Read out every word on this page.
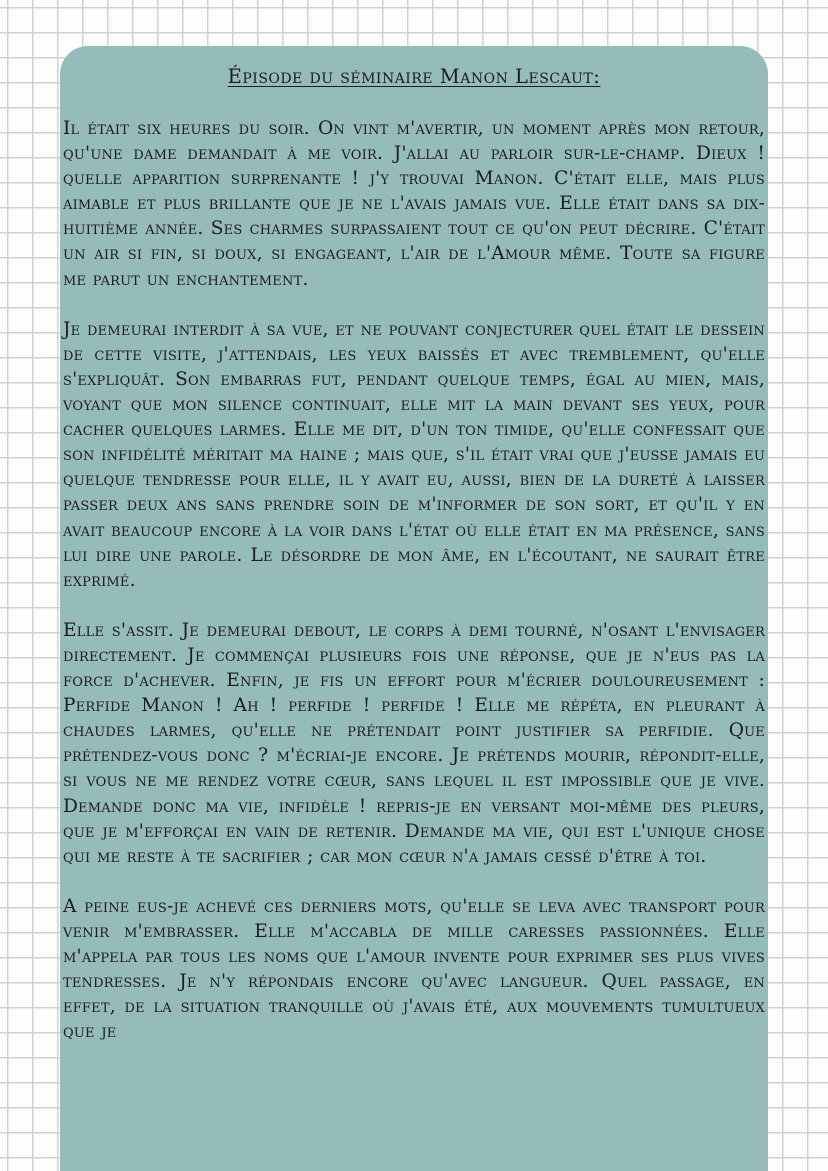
Épisode du séminaire Manon Lescaut:

Il était six heures du soir. On vint m'avertir, un moment après mon retour, qu'une dame demandait à me voir. J'allai au parloir sur-le-champ. Dieux ! quelle apparition surprenante ! j'y trouvai Manon. C'était elle, mais plus aimable et plus brillante que je ne l'avais jamais vue. Elle était dans sa dix-huitième année. Ses charmes surpassaient tout ce qu'on peut décrire. C'était un air si fin, si doux, si engageant, l'air de l'Amour même. Toute sa figure me parut un enchantement.

Je demeurai interdit à sa vue, et ne pouvant conjecturer quel était le dessein de cette visite, j'attendais, les yeux baissés et avec tremblement, qu'elle s'expliquât. Son embarras fut, pendant quelque temps, égal au mien, mais, voyant que mon silence continuait, elle mit la main devant ses yeux, pour cacher quelques larmes. Elle me dit, d'un ton timide, qu'elle confessait que son infidélité méritait ma haine ; mais que, s'il était vrai que j'eusse jamais eu quelque tendresse pour elle, il y avait eu, aussi, bien de la dureté à laisser passer deux ans sans prendre soin de m'informer de son sort, et qu'il y en avait beaucoup encore à la voir dans l'état où elle était en ma présence, sans lui dire une parole. Le désordre de mon âme, en l'écoutant, ne saurait être exprimé.

Elle s'assit. Je demeurai debout, le corps à demi tourné, n'osant l'envisager directement. Je commençai plusieurs fois une réponse, que je n'eus pas la force d'achever. Enfin, je fis un effort pour m'écrier douloureusement : Perfide Manon ! Ah ! perfide ! perfide ! Elle me répéta, en pleurant à chaudes larmes, qu'elle ne prétendait point justifier sa perfidie. Que prétendez-vous donc ? m'écriai-je encore. Je prétends mourir, répondit-elle, si vous ne me rendez votre cœur, sans lequel il est impossible que je vive. Demande donc ma vie, infidèle ! repris-je en versant moi-même des pleurs, que je m'efforçai en vain de retenir. Demande ma vie, qui est l'unique chose qui me reste à te sacrifier ; car mon cœur n'a jamais cessé d'être à toi.

A peine eus-je achevé ces derniers mots, qu'elle se leva avec transport pour venir m'embrasser. Elle m'accabla de mille caresses passionnées. Elle m'appela par tous les noms que l'amour invente pour exprimer ses plus vives tendresses. Je n'y répondais encore qu'avec langueur. Quel passage, en effet, de la situation tranquille où j'avais été, aux mouvements tumultueux que je
